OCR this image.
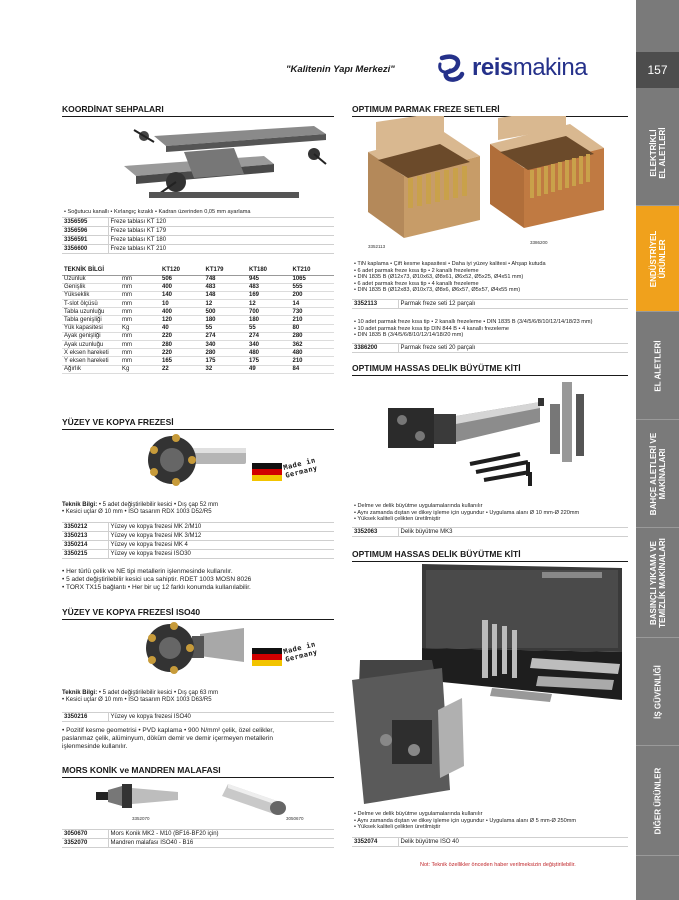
"Kalitenin Yapı Merkezi"	reismakina	157
ELEKTRİKLİ
EL ALETLERİ
ENDÜSTRİYEL
ÜRÜNLER
EL ALETLERİ
BAHÇE ALETLERİ VE
MAKİNALARI
BASINÇLI YIKAMA VE
TEMİZLİK MAKİNALARI
İŞ GÜVENLİĞİ
DİĞER ÜRÜNLER
KOORDİNAT SEHPALARI
• Soğutucu kanallı • Kırlangıç kızaklı • Kadran üzerinden 0,05 mm ayarlama
3356595	Freze tablası KT 120
3356596	Freze tablası KT 179
3356591	Freze tablası KT 180
3356600	Freze tablası KT 210
TEKNİK BİLGİ		KT120	KT179	KT180	KT210
Uzunluk	mm	506	748	945	1065
Genişlik	mm	400	483	483	555
Yükseklik	mm	140	148	169	200
T-slot ölçüsü	mm	10	12	12	14
Tabla uzunluğu	mm	400	500	700	730
Tabla genişliği	mm	120	180	180	210
Yük kapasitesi	Kg	40	55	55	80
Ayak genişliği	mm	220	274	274	280
Ayak uzunluğu	mm	280	340	340	362
X eksen hareketi	mm	220	280	480	480
Y eksen hareketi	mm	165	175	175	210
Ağırlık	Kg	22	32	49	84
YÜZEY VE KOPYA FREZESİ
Made in
Germany
Teknik Bilgi: • 5 adet değiştirilebilir kesici • Dış çap 52 mm
• Kesici uçlar Ø 10 mm • ISO tasarım RDX 1003 D52/R5
3350212	Yüzey ve kopya frezesi MK 2/M10
3350213	Yüzey ve kopya frezesi MK 3/M12
3350214	Yüzey ve kopya frezesi MK 4
3350215	Yüzey ve kopya frezesi ISO30
• Her türlü çelik ve NE tipi metallerin işlenmesinde kullanılır.
• 5 adet değiştirilebilir kesici uca sahiptir. RDET 1003 MOSN 8026
• TORX TX15 bağlantı • Her bir uç 12 farklı konumda kullanılabilir.
YÜZEY VE KOPYA FREZESİ ISO40
Made in
Germany
Teknik Bilgi: • 5 adet değiştirilebilir kesici • Dış çap 63 mm
• Kesici uçlar Ø 10 mm • ISO tasarım RDX 1003 D63/R5
3350216	Yüzey ve kopya frezesi ISO40
• Pozitif kesme geometrisi • PVD kaplama • 900 N/mm² çelik, özel celikler,
paslanmaz çelik, alüminyum, döküm demir ve demir içermeyen metallerin
işlenmesinde kullanılır.
MORS KONİK ve MANDREN MALAFASI
3352070	3050670
3050670	Mors Konik MK2 - M10 (BF16-BF20 için)
3352070	Mandren malafası ISO40 - B16
OPTIMUM PARMAK FREZE SETLERİ
3352113
3386200
• TiN kaplama • Çift kesme kapasitesi • Daha iyi yüzey kalitesi • Ahşap kutuda
• 6 adet parmak freze kısa tip • 2 kanallı frezeleme
• DIN 1835 B (Ø12x73, Ø10x63, Ø8x61, Ø6x52, Ø5x25, Ø4x51 mm)
• 6 adet parmak freze kısa tip • 4 kanallı frezeleme
• DIN 1835 B (Ø12x83, Ø10x73, Ø8x6, Ø6x57, Ø5x57, Ø4x55 mm)
3352113	Parmak freze seti 12 parçalı
• 10 adet parmak freze kısa tip • 2 kanallı frezeleme • DIN 1835 B (3/4/5/6/8/10/12/14/18/23 mm)
• 10 adet parmak freze kısa tip DIN 844 B • 4 kanallı frezeleme
• DIN 1835 B (3/4/5/6/8/10/12/14/18/20 mm)
3386200	Parmak freze seti 20 parçalı
OPTIMUM HASSAS DELİK BÜYÜTME KİTİ
• Delme ve delik büyütme uygulamalarında kullanılır
• Aynı zamanda dıştan ve dikey işleme için uygundur • Uygulama alanı Ø 10 mm-Ø 220mm
• Yüksek kaliteli çelikten üretilmiştir
3352063	Delik büyütme MK3
OPTIMUM HASSAS DELİK BÜYÜTME KİTİ
• Delme ve delik büyütme uygulamalarında kullanılır
• Aynı zamanda dıştan ve dikey işleme için uygundur • Uygulama alanı Ø 5 mm-Ø 250mm
• Yüksek kaliteli çelikten üretilmiştir
3352074	Delik büyütme ISO 40
Not: Teknik özellikler önceden haber verilmeksizin değiştirilebilir.
